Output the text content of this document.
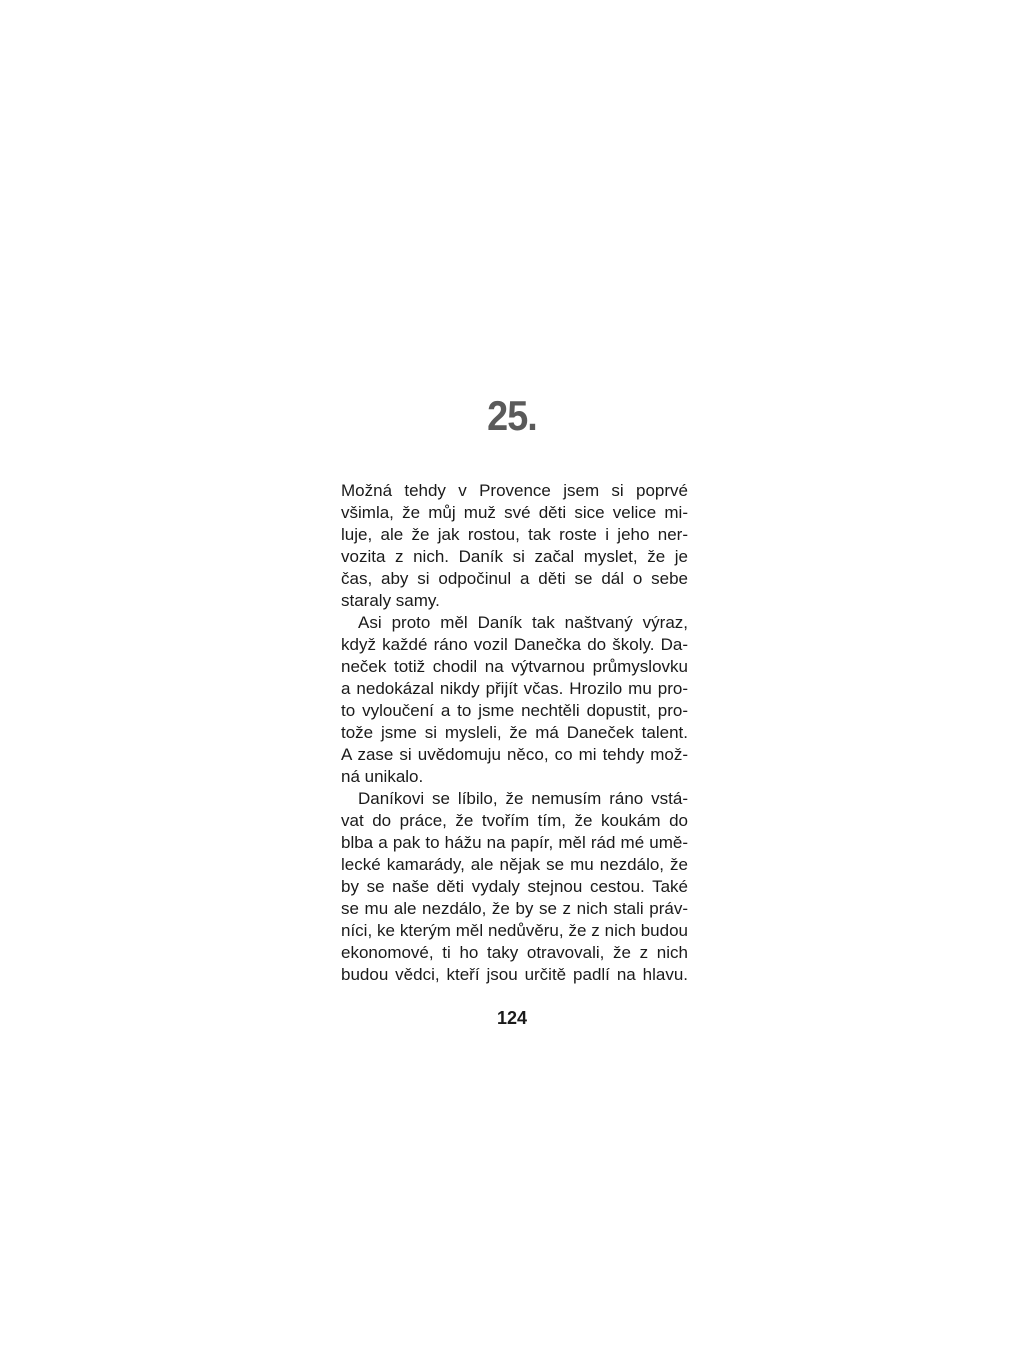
25.
Možná tehdy v Provence jsem si poprvé
všimla, že můj muž své děti sice velice mi-
luje, ale že jak rostou, tak roste i jeho ner-
vozita z nich. Daník si začal myslet, že je
čas, aby si odpočinul a děti se dál o sebe
staraly samy.
Asi proto měl Daník tak naštvaný výraz,
když každé ráno vozil Danečka do školy. Da-
neček totiž chodil na výtvarnou průmyslovku
a nedokázal nikdy přijít včas. Hrozilo mu pro-
to vyloučení a to jsme nechtěli dopustit, pro-
tože jsme si mysleli, že má Daneček talent.
A zase si uvědomuju něco, co mi tehdy mož-
ná unikalo.
Daníkovi se líbilo, že nemusím ráno vstá-
vat do práce, že tvořím tím, že koukám do
blba a pak to hážu na papír, měl rád mé umě-
lecké kamarády, ale nějak se mu nezdálo, že
by se naše děti vydaly stejnou cestou. Také
se mu ale nezdálo, že by se z nich stali práv-
níci, ke kterým měl nedůvěru, že z nich budou
ekonomové, ti ho taky otravovali, že z nich
budou vědci, kteří jsou určitě padlí na hlavu.
124
